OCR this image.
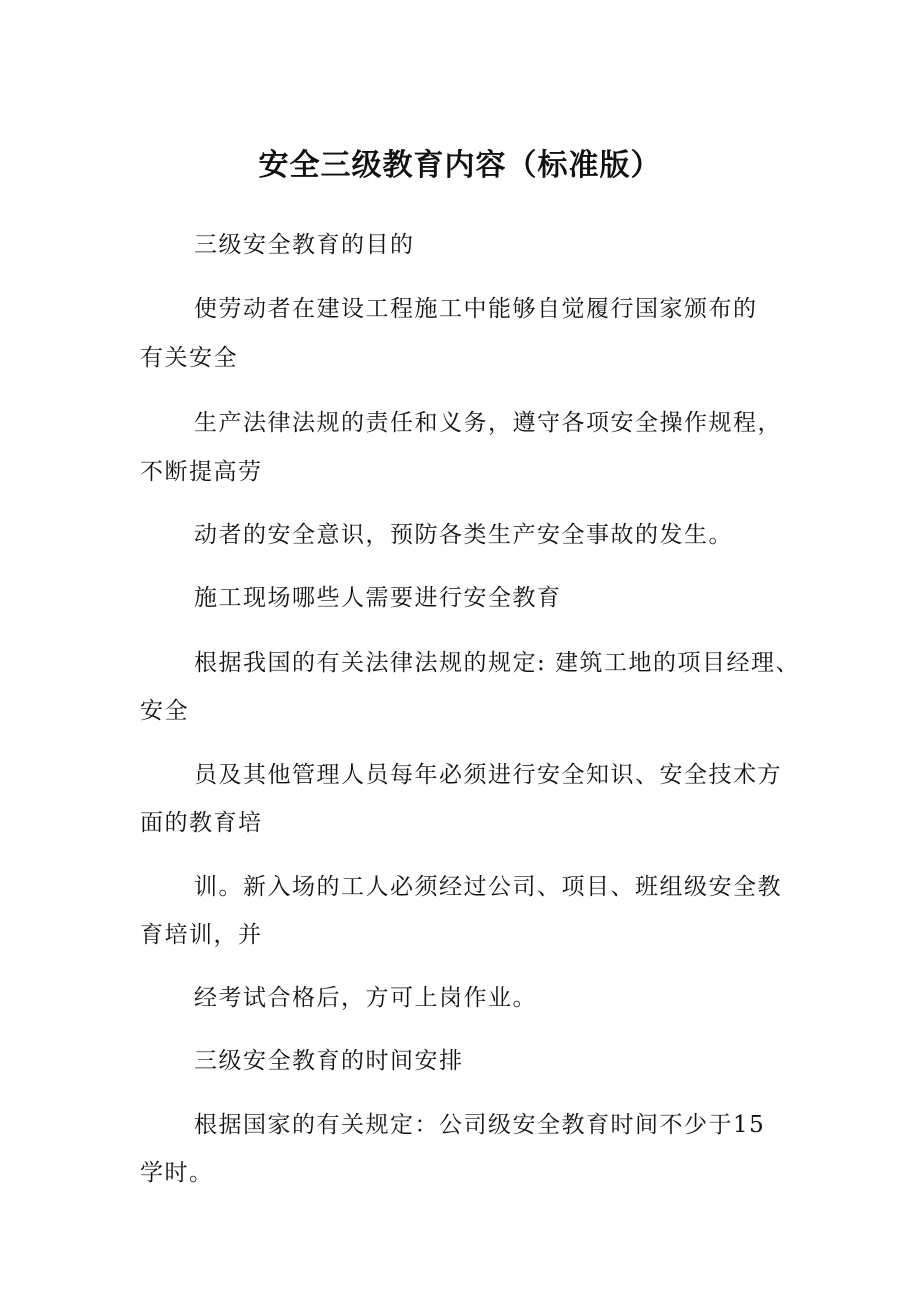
安全三级教育内容（标准版）
三级安全教育的目的
使劳动者在建设工程施工中能够自觉履行国家颁布的
有关安全
生产法律法规的责任和义务，遵守各项安全操作规程，
不断提高劳
动者的安全意识，预防各类生产安全事故的发生。
施工现场哪些人需要进行安全教育
根据我国的有关法律法规的规定: 建筑工地的项目经理、
安全
员及其他管理人员每年必须进行安全知识、安全技术方
面的教育培
训。新入场的工人必须经过公司、项目、班组级安全教
育培训，并
经考试合格后，方可上岗作业。
三级安全教育的时间安排
根据国家的有关规定：公司级安全教育时间不少于15
学时。
